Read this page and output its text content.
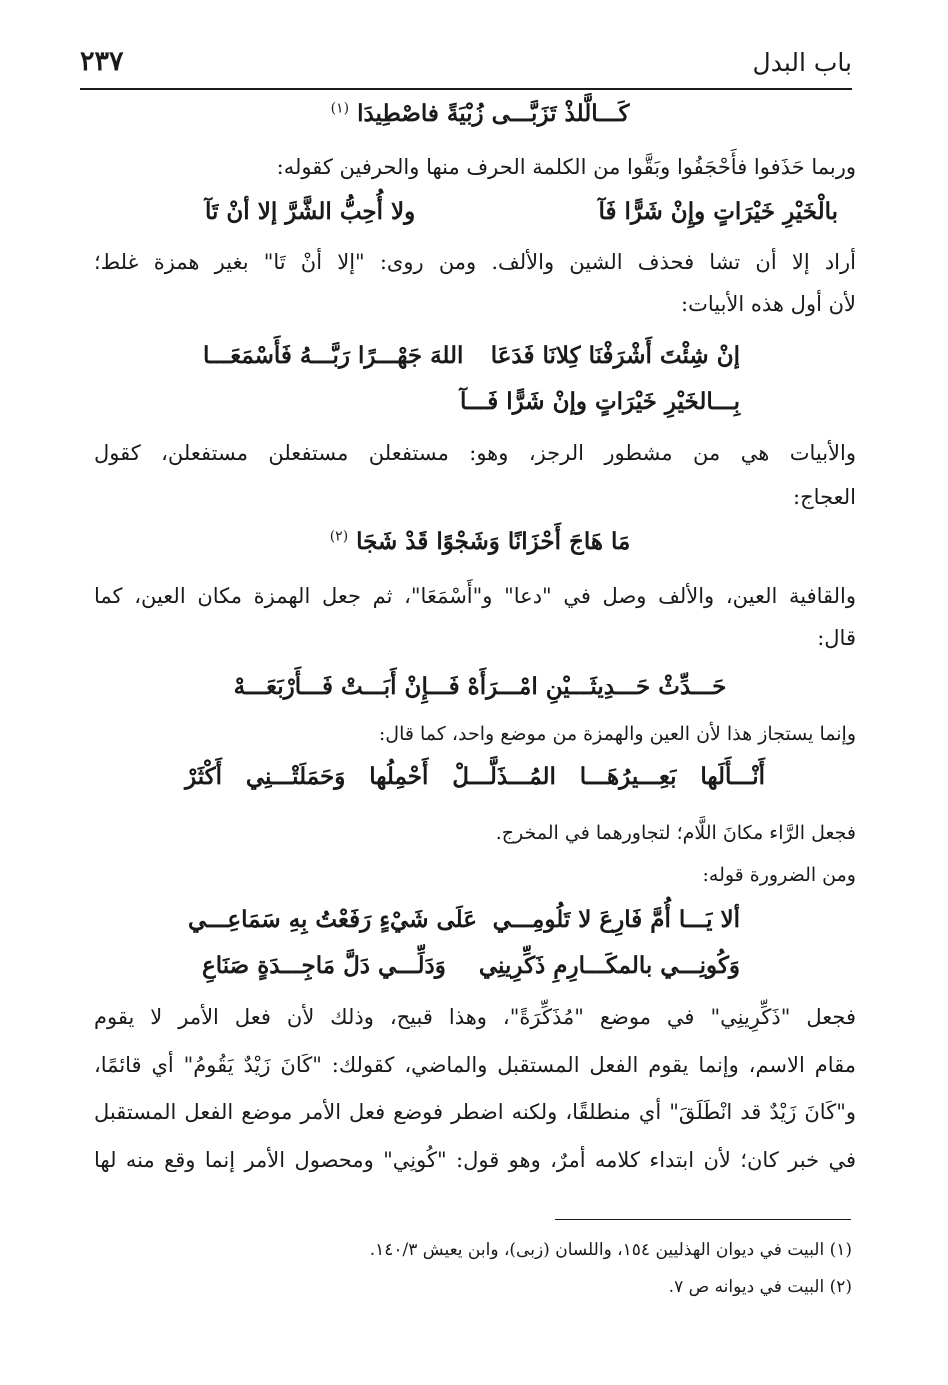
باب البدل
٢٣٧
كَـــالَّلذْ تَزَبَّـــى زُبْيَةً فاصْطِيدَا $^{(١)}$
وربما حَذَفوا فأَحْجَفُوا وبَقَّوا من الكلمة الحرف منها والحرفين كقوله:
بالْخَيْرِ خَيْرَاتٍ وإِنْ شَرًّا فَآ
ولا أُحِبُّ الشَّرَّ إلا أنْ تَآ
أراد إلا أن تشا فحذف الشين والألف. ومن روى: "إلا أنْ تَا" بغير همزة غلط؛
لأن أول هذه الأبيات:
إنْ شِئْتَ أَشْرَفْنَا كِلانَا فَدَعَا
اللهَ جَهْـــرًا رَبَّـــهُ فَأَسْمَعَـــا
بِـــالخَيْرِ خَيْرَاتٍ وإنْ شَرًّا فَـــآ
والأبيات هي من مشطور الرجز، وهو: مستفعلن مستفعلن مستفعلن، كقول
العجاج:
مَا هَاجَ أَحْزَانًا وَشَجْوًا قَدْ شَجَا $^{(٢)}$
والقافية العين، والألف وصل في "دعا" و"أَسْمَعَا"، ثم جعل الهمزة مكان العين، كما
قال:
حَـــدِّثْ حَـــدِيثَـــيْنِ امْـــرَأَهْ فَـــإِنْ أَبَـــتْ فَـــأَرْبَعَـــهْ
وإنما يستجاز هذا لأن العين والهمزة من موضع واحد، كما قال:
أَنْـــأَلَها بَعِـــيرُهَـــا المُـــذَلَّـــلْ أَحْمِلُها وَحَمَلَتْـــنِي أَكْثَرْ
فجعل الرَّاء مكانَ اللَّام؛ لتجاورهما في المخرج.
ومن الضرورة قوله:
ألا يَـــا أُمَّ فَارِعَ لا تَلُومِـــي
عَلَى شَيْءٍ رَفَعْتُ بِهِ سَمَاعِـــي
وَكُونِـــي بالمكَـــارِمِ ذَكِّرِينِي
وَدَلِّـــي دَلَّ مَاجِـــدَةٍ صَنَاعِ
فجعل "ذَكِّرِينِي" في موضع "مُذَكِّرَةً"، وهذا قبيح، وذلك لأن فعل الأمر لا يقوم
مقام الاسم، وإنما يقوم الفعل المستقبل والماضي، كقولك: "كَانَ زَيْدٌ يَقُومُ" أي قائمًا،
و"كَانَ زَيْدٌ قد انْطَلَقَ" أي منطلقًا، ولكنه اضطر فوضع فعل الأمر موضع الفعل المستقبل
في خبر كان؛ لأن ابتداء كلامه أمرٌ، وهو قول: "كُونِي" ومحصول الأمر إنما وقع منه لها
(١) البيت في ديوان الهذليين ١٥٤، واللسان (زبى)، وابن يعيش ١٤٠/٣.
(٢) البيت في ديوانه ص ٧.
